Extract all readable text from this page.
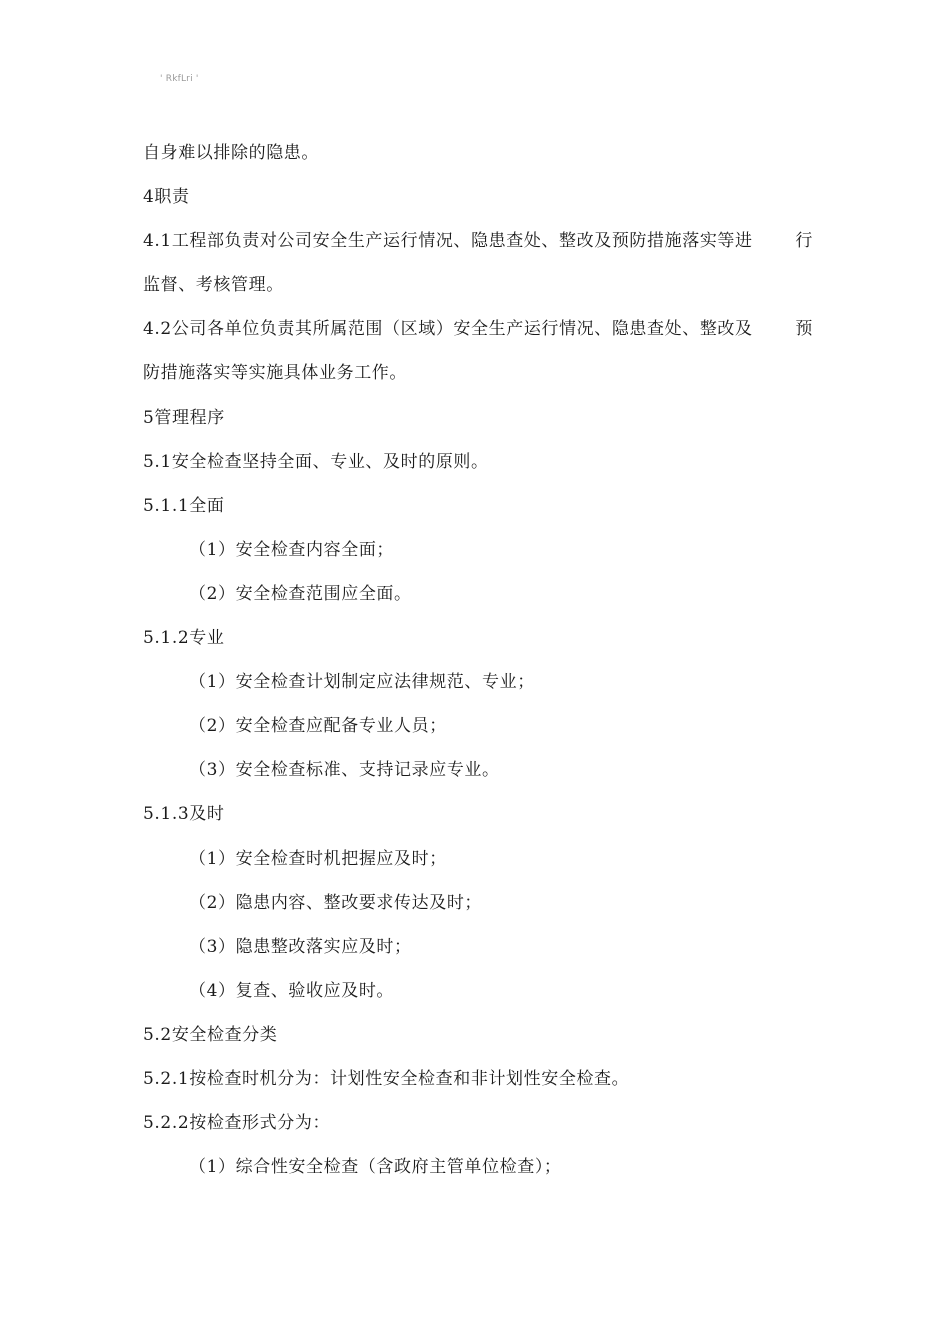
' RkfLri '
自身难以排除的隐患。
4职责
4.1工程部负责对公司安全生产运行情况、隐患查处、整改及预防措施落实等进	行
监督、考核管理。
4.2公司各单位负责其所属范围（区域）安全生产运行情况、隐患查处、整改及	预
防措施落实等实施具体业务工作。
5管理程序
5.1安全检查坚持全面、专业、及时的原则。
5.1.1全面
（1）安全检查内容全面；
（2）安全检查范围应全面。
5.1.2专业
（1）安全检查计划制定应法律规范、专业；
（2）安全检查应配备专业人员；
（3）安全检查标准、支持记录应专业。
5.1.3及时
（1）安全检查时机把握应及时；
（2）隐患内容、整改要求传达及时；
（3）隐患整改落实应及时；
（4）复查、验收应及时。
5.2安全检查分类
5.2.1按检查时机分为：计划性安全检查和非计划性安全检查。
5.2.2按检查形式分为：
（1）综合性安全检查（含政府主管单位检查）；
